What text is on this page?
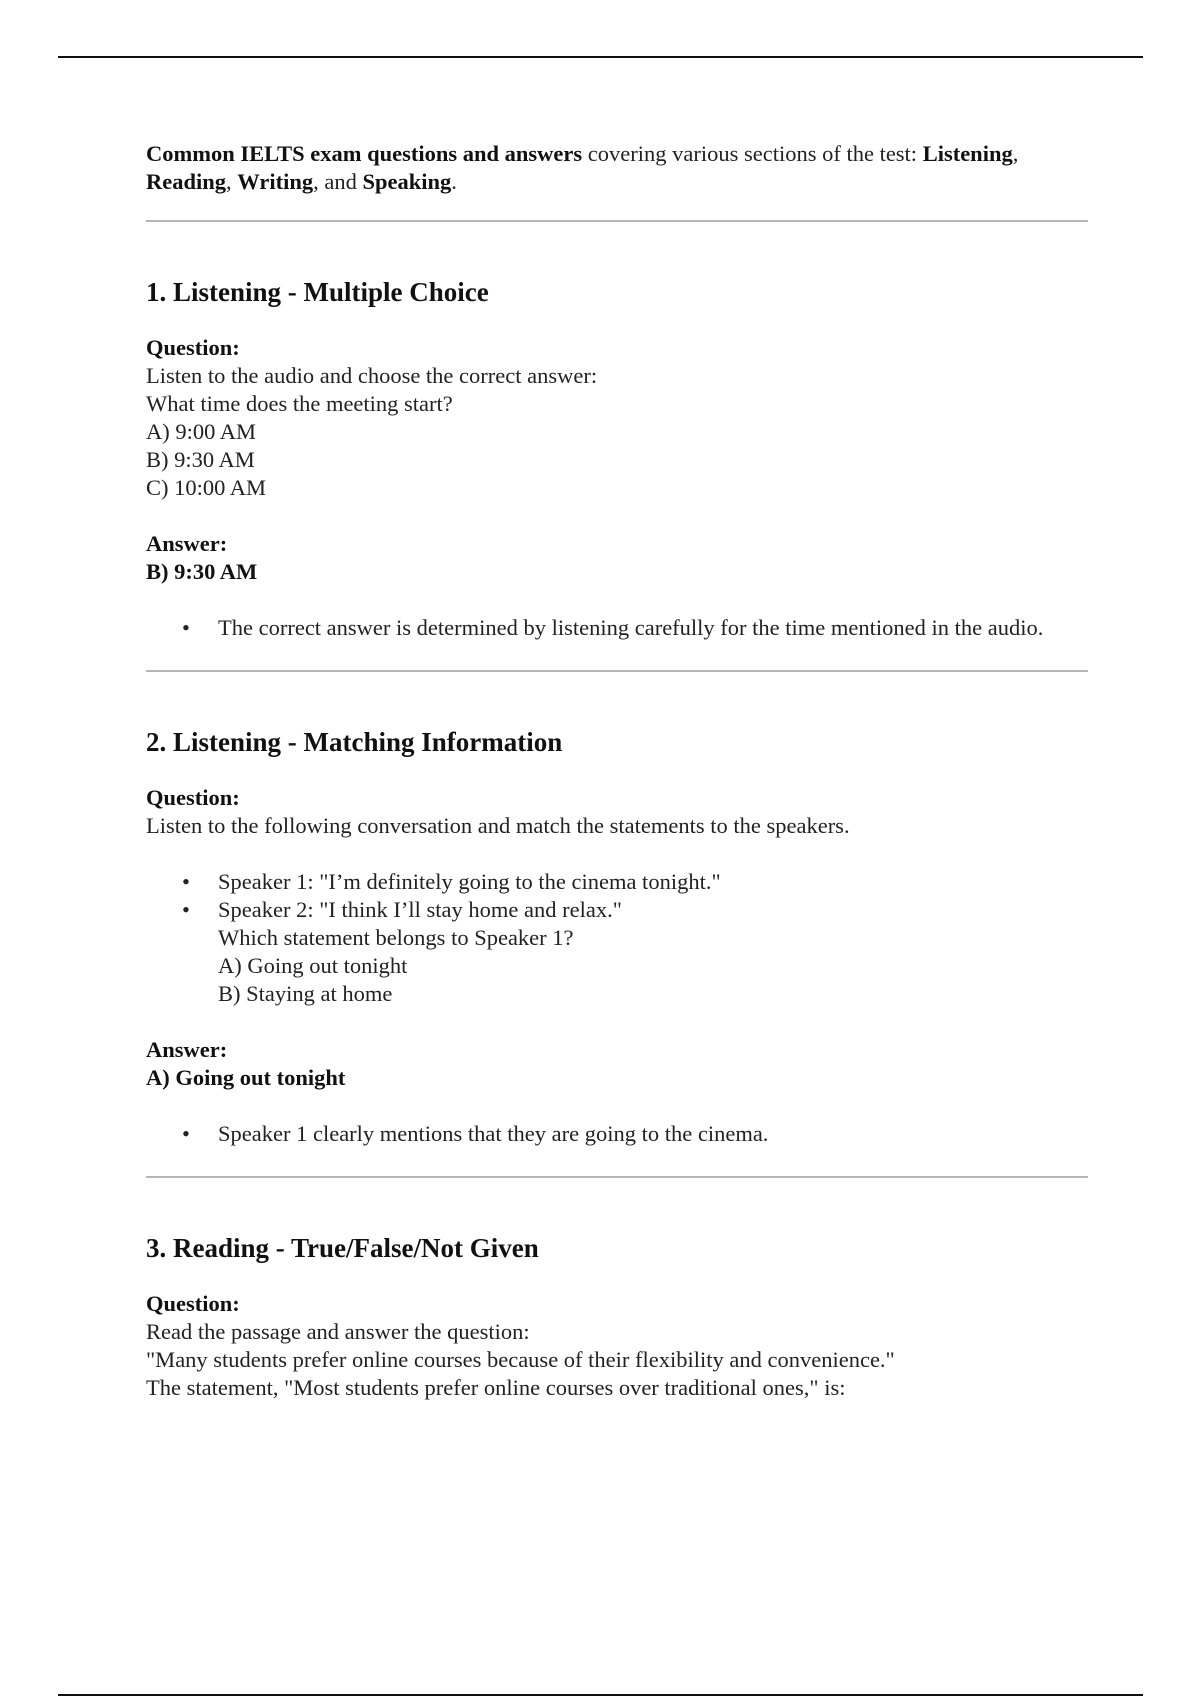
Common IELTS exam questions and answers covering various sections of the test: Listening, Reading, Writing, and Speaking.

1. Listening - Multiple Choice
Question:
Listen to the audio and choose the correct answer:
What time does the meeting start?
A) 9:00 AM
B) 9:30 AM
C) 10:00 AM
Answer:
B) 9:30 AM
• The correct answer is determined by listening carefully for the time mentioned in the audio.
2. Listening - Matching Information
Question:
Listen to the following conversation and match the statements to the speakers.
• Speaker 1: "I’m definitely going to the cinema tonight."
• Speaker 2: "I think I’ll stay home and relax."
Which statement belongs to Speaker 1?
A) Going out tonight
B) Staying at home
Answer:
A) Going out tonight
• Speaker 1 clearly mentions that they are going to the cinema.
3. Reading - True/False/Not Given
Question:
Read the passage and answer the question:
"Many students prefer online courses because of their flexibility and convenience."
The statement, "Most students prefer online courses over traditional ones," is:
